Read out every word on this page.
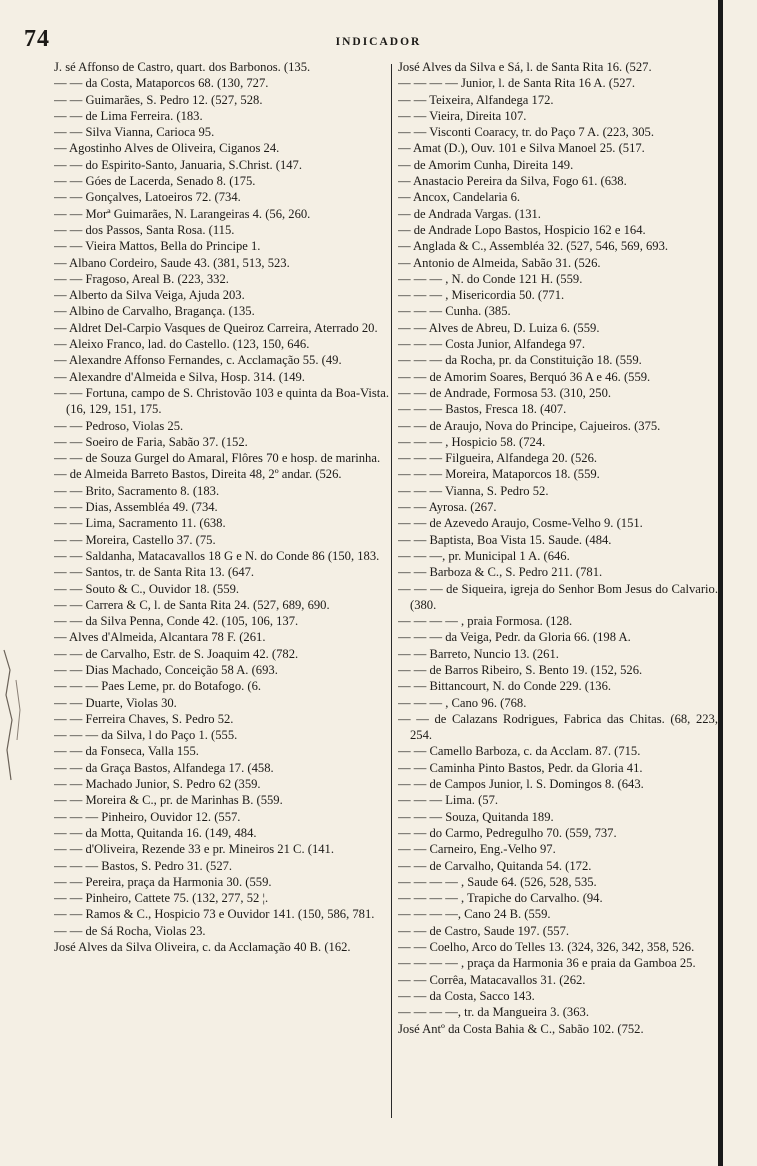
74	INDICADOR
J. sé Affonso de Castro, quart. dos Barbonos. (135.
— — da Costa, Mataporcos 68. (130, 727.
— — Guimarães, S. Pedro 12. (527, 528.
— — de Lima Ferreira. (183.
— — Silva Vianna, Carioca 95.
— Agostinho Alves de Oliveira, Ciganos 24.
— — do Espirito-Santo, Januaria, S.Christ. (147.
— — Góes de Lacerda, Senado 8. (175.
— — Gonçalves, Latoeiros 72. (734.
— — Morª Guimarães, N. Larangeiras 4. (56, 260.
— — dos Passos, Santa Rosa. (115.
— — Vieira Mattos, Bella do Principe 1.
— Albano Cordeiro, Saude 43. (381, 513, 523.
— — Fragoso, Areal B. (223, 332.
— Alberto da Silva Veiga, Ajuda 203.
— Albino de Carvalho, Bragança. (135.
— Aldret Del-Carpio Vasques de Queiroz Carreira, Aterrado 20.
— Aleixo Franco, lad. do Castello. (123, 150, 646.
— Alexandre Affonso Fernandes, c. Acclamação 55. (49.
— Alexandre d'Almeida e Silva, Hosp. 314. (149.
— — Fortuna, campo de S. Christovão 103 e quinta da Boa-Vista. (16, 129, 151, 175.
— — Pedroso, Violas 25.
— — Soeiro de Faria, Sabão 37. (152.
— — de Souza Gurgel do Amaral, Flôres 70 e hosp. de marinha.
— de Almeida Barreto Bastos, Direita 48, 2º andar. (526.
— — Brito, Sacramento 8. (183.
— — Dias, Assembléa 49. (734.
— — Lima, Sacramento 11. (638.
— — Moreira, Castello 37. (75.
— — Saldanha, Matacavallos 18 G e N. do Conde 86 (150, 183.
— — Santos, tr. de Santa Rita 13. (647.
— — Souto & C., Ouvidor 18. (559.
— — Carrera & C, l. de Santa Rita 24. (527, 689, 690.
— — da Silva Penna, Conde 42. (105, 106, 137.
— Alves d'Almeida, Alcantara 78 F. (261.
— — de Carvalho, Estr. de S. Joaquim 42. (782.
— — Dias Machado, Conceição 58 A. (693.
— — — Paes Leme, pr. do Botafogo. (6.
— — Duarte, Violas 30.
— — Ferreira Chaves, S. Pedro 52.
— — — da Silva, l do Paço 1. (555.
— — da Fonseca, Valla 155.
— — da Graça Bastos, Alfandega 17. (458.
— — Machado Junior, S. Pedro 62 (359.
— — Moreira & C., pr. de Marinhas B. (559.
— — — Pinheiro, Ouvidor 12. (557.
— — da Motta, Quitanda 16. (149, 484.
— — d'Oliveira, Rezende 33 e pr. Mineiros 21 C. (141.
— — — Bastos, S. Pedro 31. (527.
— — Pereira, praça da Harmonia 30. (559.
— — Pinheiro, Cattete 75. (132, 277, 52 ¦.
— — Ramos & C., Hospicio 73 e Ouvidor 141. (150, 586, 781.
— — de Sá Rocha, Violas 23.
José Alves da Silva Oliveira, c. da Acclamação 40 B. (162.
José Alves da Silva e Sá, l. de Santa Rita 16. (527.
— — — — Junior, l. de Santa Rita 16 A. (527.
— — Teixeira, Alfandega 172.
— — Vieira, Direita 107.
— — Visconti Coaracy, tr. do Paço 7 A. (223, 305.
— Amat (D.), Ouv. 101 e Silva Manoel 25. (517.
— de Amorim Cunha, Direita 149.
— Anastacio Pereira da Silva, Fogo 61. (638.
— Ancox, Candelaria 6.
— de Andrada Vargas. (131.
— de Andrade Lopo Bastos, Hospicio 162 e 164.
— Anglada & C., Assembléa 32. (527, 546, 569, 693.
— Antonio de Almeida, Sabão 31. (526.
— — — , N. do Conde 121 H. (559.
— — — , Misericordia 50. (771.
— — — Cunha. (385.
— — Alves de Abreu, D. Luiza 6. (559.
— — — Costa Junior, Alfandega 97.
— — — da Rocha, pr. da Constituição 18. (559.
— — de Amorim Soares, Berquó 36 A e 46. (559.
— — de Andrade, Formosa 53. (310, 250.
— — — Bastos, Fresca 18. (407.
— — de Araujo, Nova do Principe, Cajueiros. (375.
— — — , Hospicio 58. (724.
— — — Filgueira, Alfandega 20. (526.
— — — Moreira, Mataporcos 18. (559.
— — — Vianna, S. Pedro 52.
— — Ayrosa. (267.
— — de Azevedo Araujo, Cosme-Velho 9. (151.
— — Baptista, Boa Vista 15. Saude. (484.
— — —, pr. Municipal 1 A. (646.
— — Barboza & C., S. Pedro 211. (781.
— — — de Siqueira, igreja do Senhor Bom Jesus do Calvario. (380.
— — — — , praia Formosa. (128.
— — — da Veiga, Pedr. da Gloria 66. (198 A.
— — Barreto, Nuncio 13. (261.
— — de Barros Ribeiro, S. Bento 19. (152, 526.
— — Bittancourt, N. do Conde 229. (136.
— — — , Cano 96. (768.
— — de Calazans Rodrigues, Fabrica das Chitas. (68, 223, 254.
— — Camello Barboza, c. da Acclam. 87. (715.
— — Caminha Pinto Bastos, Pedr. da Gloria 41.
— — de Campos Junior, l. S. Domingos 8. (643.
— — — Lima. (57.
— — — Souza, Quitanda 189.
— — do Carmo, Pedregulho 70. (559, 737.
— — Carneiro, Eng.-Velho 97.
— — de Carvalho, Quitanda 54. (172.
— — — — , Saude 64. (526, 528, 535.
— — — — , Trapiche do Carvalho. (94.
— — — —, Cano 24 B. (559.
— — de Castro, Saude 197. (557.
— — Coelho, Arco do Telles 13. (324, 326, 342, 358, 526.
— — — — , praça da Harmonia 36 e praia da Gamboa 25.
— — Corrêa, Matacavallos 31. (262.
— — da Costa, Sacco 143.
— — — —, tr. da Mangueira 3. (363.
José Antº da Costa Bahia & C., Sabão 102. (752.
